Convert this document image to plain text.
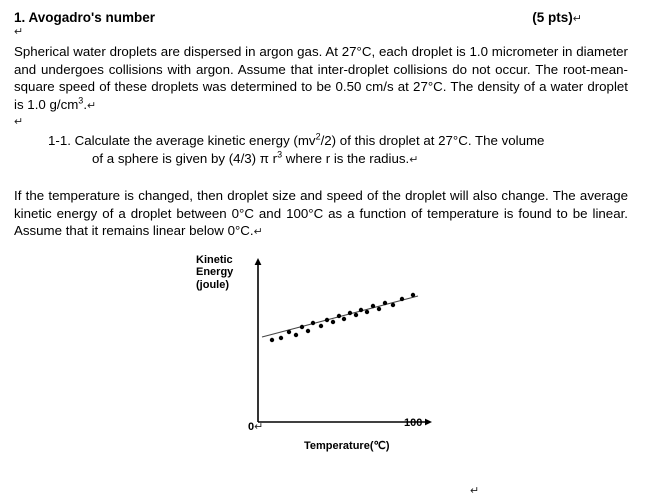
1. Avogadro's number	(5 pts)↵
↵
Spherical water droplets are dispersed in argon gas. At 27°C, each droplet is 1.0 micrometer in diameter and undergoes collisions with argon. Assume that inter-droplet collisions do not occur. The root-mean-square speed of these droplets was determined to be 0.50 cm/s at 27°C. The density of a water droplet is 1.0 $g/cm^3.↵$
↵
1-1. Calculate the average kinetic energy $(mv^2/2)$ of this droplet at 27°C. The volume
of a sphere is given by (4/3) π $r^3$ where r is the radius.↵
If the temperature is changed, then droplet size and speed of the droplet will also change. The average kinetic energy of a droplet between 0°C and 100°C as a function of temperature is found to be linear. Assume that it remains linear below 0°C.↵
Kinetic
Energy
(joule)
0↵	100
Temperature(℃)
↵
